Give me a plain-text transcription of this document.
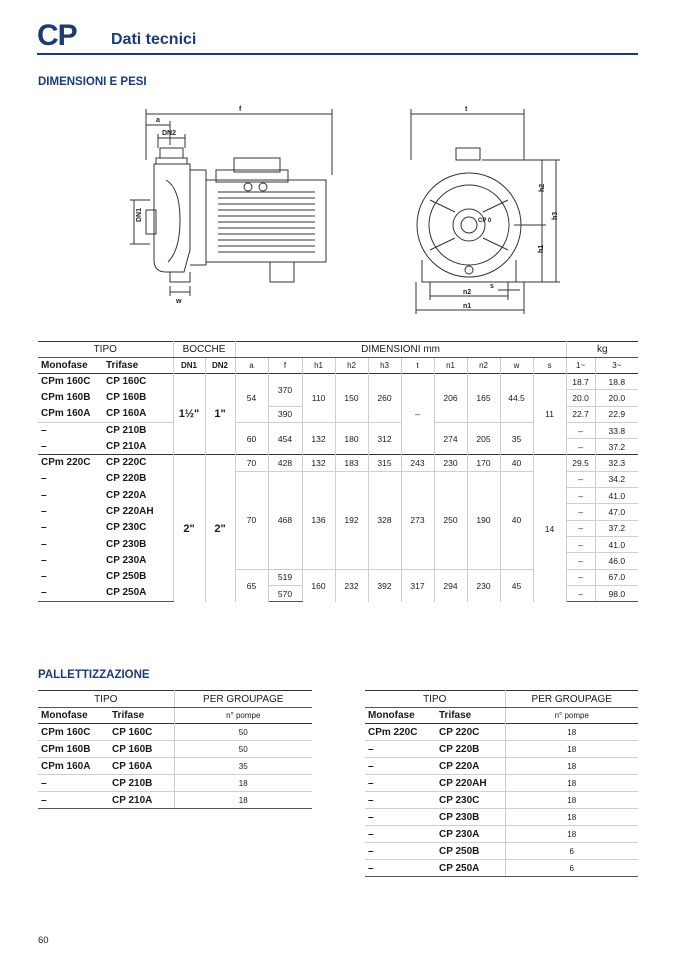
CP Dati tecnici
DIMENSIONI E PESI
f
a
DN2
DN1
w
t
h2
h3
h1
n2
n1
s
CP 0
TIPO		BOCCHE		DIMENSIONI mm										kg	
Monofase	Trifase	DN1	DN2	a	f	h1	h2	h3	t	n1	n2	w	s	1~	3~
CPm 160C	CP 160C	1½"	1"	54	370	110	150	260	–	206	165	44.5	11	18.7	18.8
CPm 160B	CP 160B													20.0	20.0
CPm 160A	CP 160A				390									22.7	22.9
–	CP 210B			60	454	132	180	312		274	205	35		–	33.8
–	CP 210A													–	37.2
CPm 220C	CP 220C	2"	2"	70	428	132	183	315	243	230	170	40	14	29.5	32.3
–	CP 220B			70	468	136	192	328	273	250	190	40		–	34.2
–	CP 220A													–	41.0
–	CP 220AH													–	47.0
–	CP 230C													–	37.2
–	CP 230B													–	41.0
–	CP 230A													–	46.0
–	CP 250B			65	519	160	232	392	317	294	230	45		–	67.0
–	CP 250A				570									–	98.0
PALLETTIZZAZIONE
TIPO		PER GROUPAGE
Monofase	Trifase	n° pompe
CPm 160C	CP 160C	50
CPm 160B	CP 160B	50
CPm 160A	CP 160A	35
–	CP 210B	18
–	CP 210A	18
TIPO		PER GROUPAGE
Monofase	Trifase	n° pompe
CPm 220C	CP 220C	18
–	CP 220B	18
–	CP 220A	18
–	CP 220AH	18
–	CP 230C	18
–	CP 230B	18
–	CP 230A	18
–	CP 250B	6
–	CP 250A	6
60
